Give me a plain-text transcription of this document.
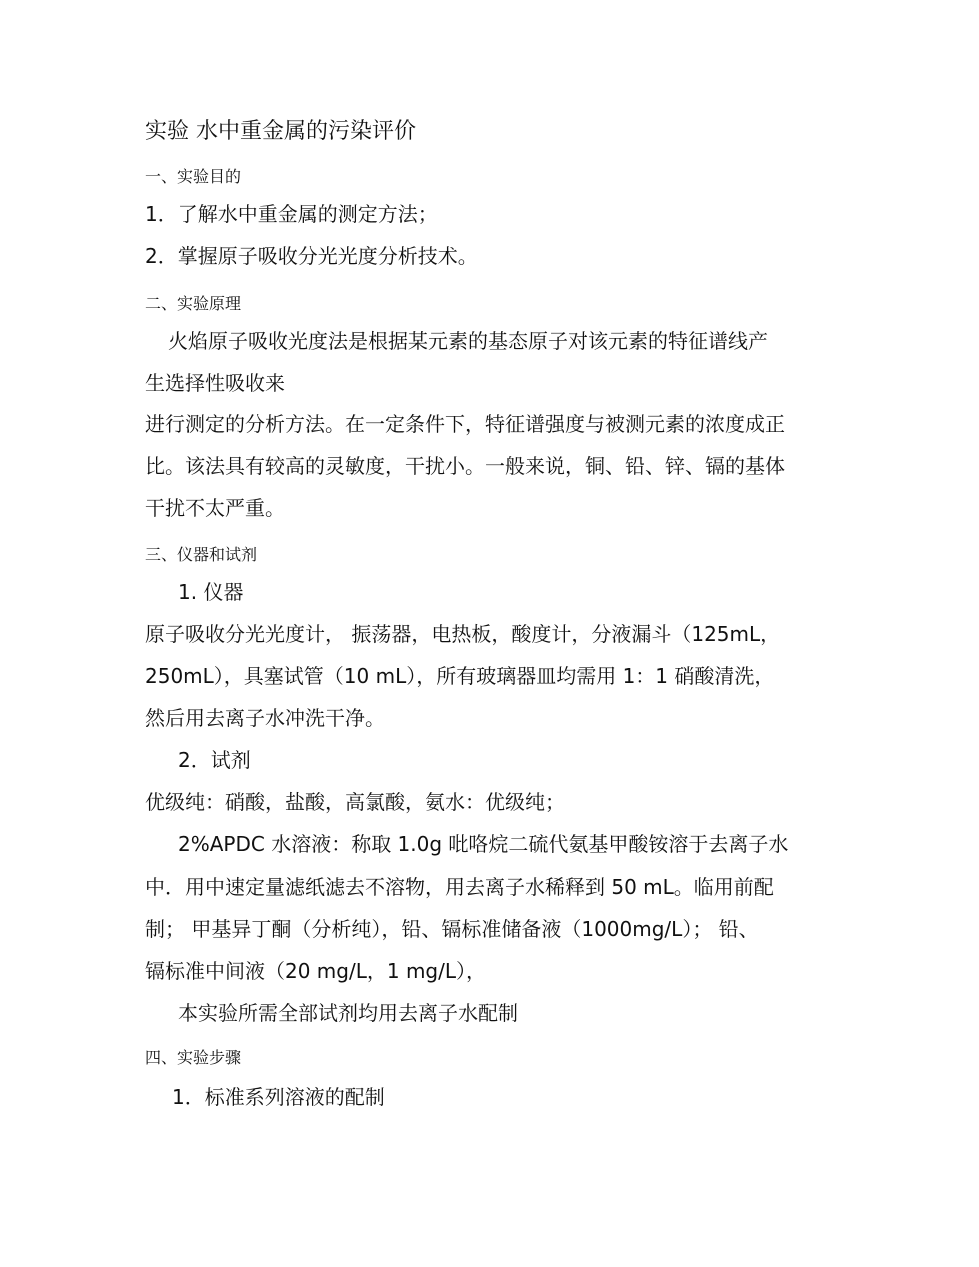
实验 水中重金属的污染评价
一、实验目的
1．了解水中重金属的测定方法；
2．掌握原子吸收分光光度分析技术。
二、实验原理
火焰原子吸收光度法是根据某元素的基态原子对该元素的特征谱线产
生选择性吸收来
进行测定的分析方法。在一定条件下，特征谱强度与被测元素的浓度成正
比。该法具有较高的灵敏度，干扰小。一般来说，铜、铅、锌、镉的基体
干扰不太严重。
三、仪器和试剂
1. 仪器
原子吸收分光光度计， 振荡器，电热板，酸度计，分液漏斗（125mL，
250mL），具塞试管（10 mL），所有玻璃器皿均需用 1：1 硝酸清洗，
然后用去离子水冲洗干净。
2．试剂
优级纯：硝酸，盐酸，高氯酸，氨水：优级纯；
2%APDC 水溶液：称取 1.0g 吡咯烷二硫代氨基甲酸铵溶于去离子水
中．用中速定量滤纸滤去不溶物，用去离子水稀释到 50 mL。临用前配
制； 甲基异丁酮（分析纯），铅、镉标准储备液（1000mg/L）； 铅、
镉标准中间液（20 mg/L，1 mg/L），
本实验所需全部试剂均用去离子水配制
四、实验步骤
1．标准系列溶液的配制
